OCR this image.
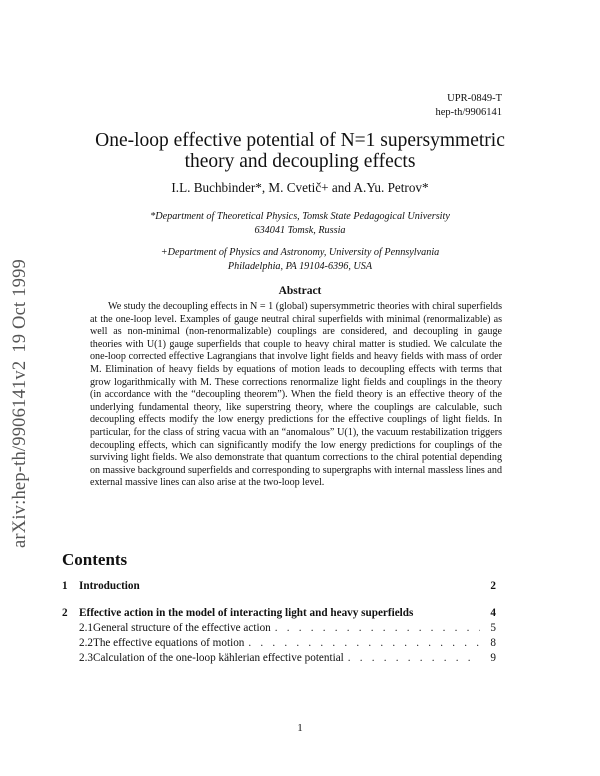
arXiv:hep-th/9906141v219 Oct 1999
UPR-0849-T
hep-th/9906141
One-loop effective potential of N=1 supersymmetric
theory and decoupling effects
I.L. Buchbinder*, M. Cvetič+ and A.Yu. Petrov*
*Department of Theoretical Physics, Tomsk State Pedagogical University
634041 Tomsk, Russia
+Department of Physics and Astronomy, University of Pennsylvania
Philadelphia, PA 19104-6396, USA
Abstract
We study the decoupling effects in N = 1 (global) supersymmetric theories with chiral superfields at the one-loop level. Examples of gauge neutral chiral superfields with minimal (renormalizable) as well as non-minimal (non-renormalizable) couplings are considered, and decoupling in gauge theories with U(1) gauge superfields that couple to heavy chiral matter is studied. We calculate the one-loop corrected effective Lagrangians that involve light fields and heavy fields with mass of order M. Elimination of heavy fields by equations of motion leads to decoupling effects with terms that grow logarithmically with M. These corrections renormalize light fields and couplings in the theory (in accordance with the “decoupling theorem”). When the field theory is an effective theory of the underlying fundamental theory, like superstring theory, where the couplings are calculable, such decoupling effects modify the low energy predictions for the effective couplings of light fields. In particular, for the class of string vacua with an “anomalous” U(1), the vacuum restabilization triggers decoupling effects, which can significantly modify the low energy predictions for couplings of the surviving light fields. We also demonstrate that quantum corrections to the chiral potential depending on massive background superfields and corresponding to supergraphs with internal massless lines and external massive lines can also arise at the two-loop level.
Contents
1	Introduction	2
2	Effective action in the model of interacting light and heavy superfields	4
2.1 General structure of the effective action . . .	5
2.2 The effective equations of motion . . .	8
2.3 Calculation of the one-loop kählerian effective potential . . .	9
1
